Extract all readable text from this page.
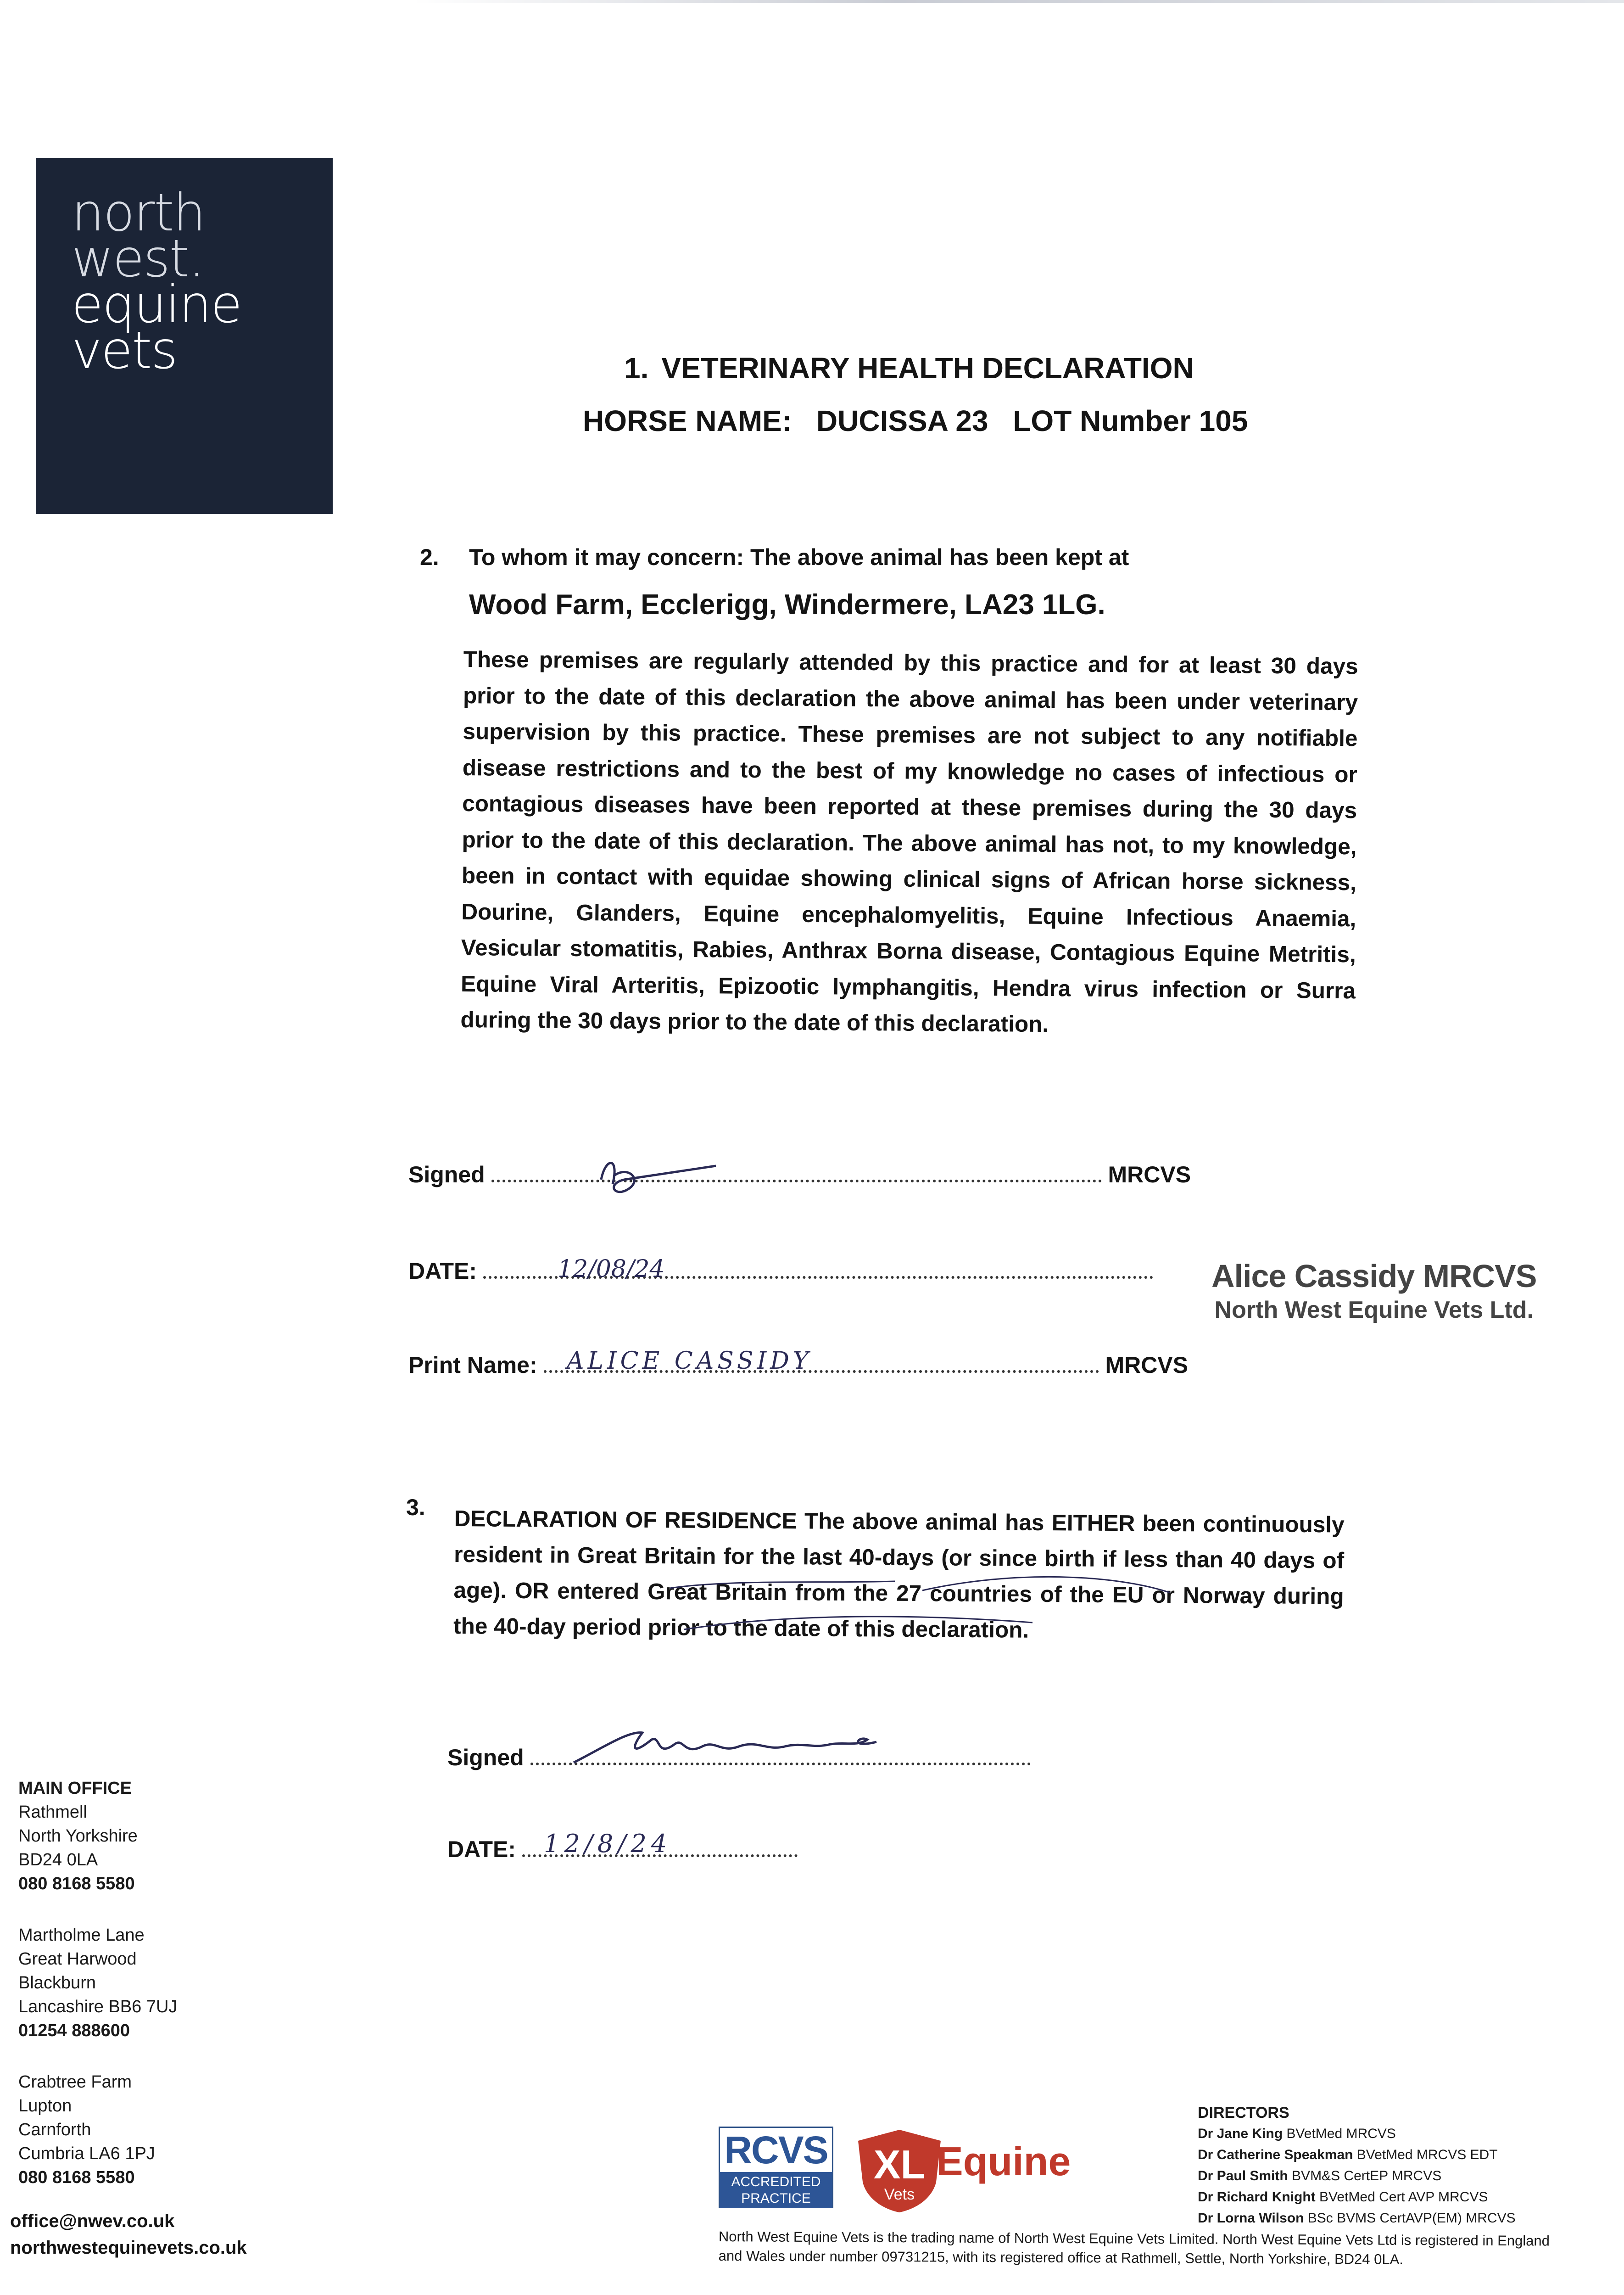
north
west.
equine
vets	1. VETERINARY HEALTH DECLARATION
HORSE NAME: DUCISSA 23 LOT Number 105
2. To whom it may concern: The above animal has been kept at
Wood Farm, Ecclerigg, Windermere, LA23 1LG.
These premises are regularly attended by this practice and for at least 30 days prior to the date of this declaration the above animal has been under veterinary supervision by this practice. These premises are not subject to any notifiable disease restrictions and to the best of my knowledge no cases of infectious or contagious diseases have been reported at these premises during the 30 days prior to the date of this declaration. The above animal has not, to my knowledge, been in contact with equidae showing clinical signs of African horse sickness, Dourine, Glanders, Equine encephalomyelitis, Equine Infectious Anaemia, Vesicular stomatitis, Rabies, Anthrax Borna disease, Contagious Equine Metritis, Equine Viral Arteritis, Epizootic lymphangitis, Hendra virus infection or Surra during the 30 days prior to the date of this declaration.
Signed	MRCVS
DATE:	12/08/24	Alice Cassidy MRCVS
North West Equine Vets Ltd.
Print Name:	MRCVS
ALICE CASSIDY
3. DECLARATION OF RESIDENCE The above animal has EITHER been continuously resident in Great Britain for the last 40-days (or since birth if less than 40 days of age). OR entered Great Britain from the 27 countries of the EU or Norway during the 40-day period prior to the date of this declaration.
Signed
DATE:	12/8/24
MAIN OFFICE
Rathmell
North Yorkshire
BD24 0LA
080 8168 5580
Martholme Lane
Great Harwood
Blackburn
Lancashire BB6 7UJ
01254 888600
Crabtree Farm
Lupton
Carnforth
Cumbria LA6 1PJ
080 8168 5580
office@nwev.co.uk
northwestequinevets.co.uk
RCVS
ACCREDITED
PRACTICE
XL
Vets
Equine
DIRECTORS
Dr Jane King BVetMed MRCVS
Dr Catherine Speakman BVetMed MRCVS EDT
Dr Paul Smith BVM&S CertEP MRCVS
Dr Richard Knight BVetMed Cert AVP MRCVS
Dr Lorna Wilson BSc BVMS CertAVP(EM) MRCVS
North West Equine Vets is the trading name of North West Equine Vets Limited. North West Equine Vets Ltd is registered in England and Wales under number 09731215, with its registered office at Rathmell, Settle, North Yorkshire, BD24 0LA.
